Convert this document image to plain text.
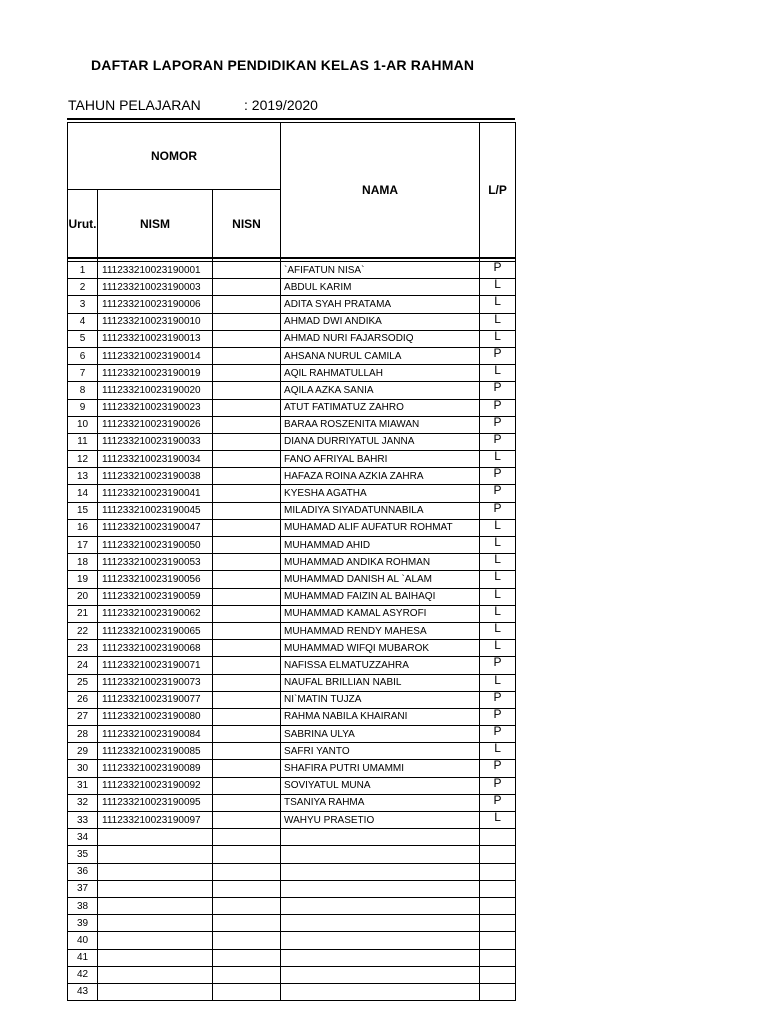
DAFTAR LAPORAN PENDIDIKAN KELAS 1-AR RAHMAN
TAHUN PELAJARAN	: 2019/2020
NOMOR			NAMA	L/P
Urut.	NISM	NISN		

1	111233210023190001		`AFIFATUN NISA`	P
2	111233210023190003		ABDUL KARIM	L
3	111233210023190006		ADITA SYAH PRATAMA	L
4	111233210023190010		AHMAD DWI ANDIKA	L
5	111233210023190013		AHMAD NURI FAJARSODIQ	L
6	111233210023190014		AHSANA NURUL CAMILA	P
7	111233210023190019		AQIL RAHMATULLAH	L
8	111233210023190020		AQILA AZKA SANIA	P
9	111233210023190023		ATUT FATIMATUZ ZAHRO	P
10	111233210023190026		BARAA ROSZENITA MIAWAN	P
11	111233210023190033		DIANA DURRIYATUL JANNA	P
12	111233210023190034		FANO AFRIYAL BAHRI	L
13	111233210023190038		HAFAZA ROINA AZKIA ZAHRA	P
14	111233210023190041		KYESHA AGATHA	P
15	111233210023190045		MILADIYA SIYADATUNNABILA	P
16	111233210023190047		MUHAMAD ALIF AUFATUR ROHMAT	L
17	111233210023190050		MUHAMMAD AHID	L
18	111233210023190053		MUHAMMAD ANDIKA ROHMAN	L
19	111233210023190056		MUHAMMAD DANISH AL `ALAM	L
20	111233210023190059		MUHAMMAD FAIZIN AL BAIHAQI	L
21	111233210023190062		MUHAMMAD KAMAL ASYROFI	L
22	111233210023190065		MUHAMMAD RENDY MAHESA	L
23	111233210023190068		MUHAMMAD WIFQI MUBAROK	L
24	111233210023190071		NAFISSA ELMATUZZAHRA	P
25	111233210023190073		NAUFAL BRILLIAN NABIL	L
26	111233210023190077		NI`MATIN TUJZA	P
27	111233210023190080		RAHMA NABILA KHAIRANI	P
28	111233210023190084		SABRINA ULYA	P
29	111233210023190085		SAFRI YANTO	L
30	111233210023190089		SHAFIRA PUTRI UMAMMI	P
31	111233210023190092		SOVIYATUL MUNA	P
32	111233210023190095		TSANIYA RAHMA	P
33	111233210023190097		WAHYU PRASETIO	L
34				
35				
36				
37				
38				
39				
40				
41				
42				
43				
